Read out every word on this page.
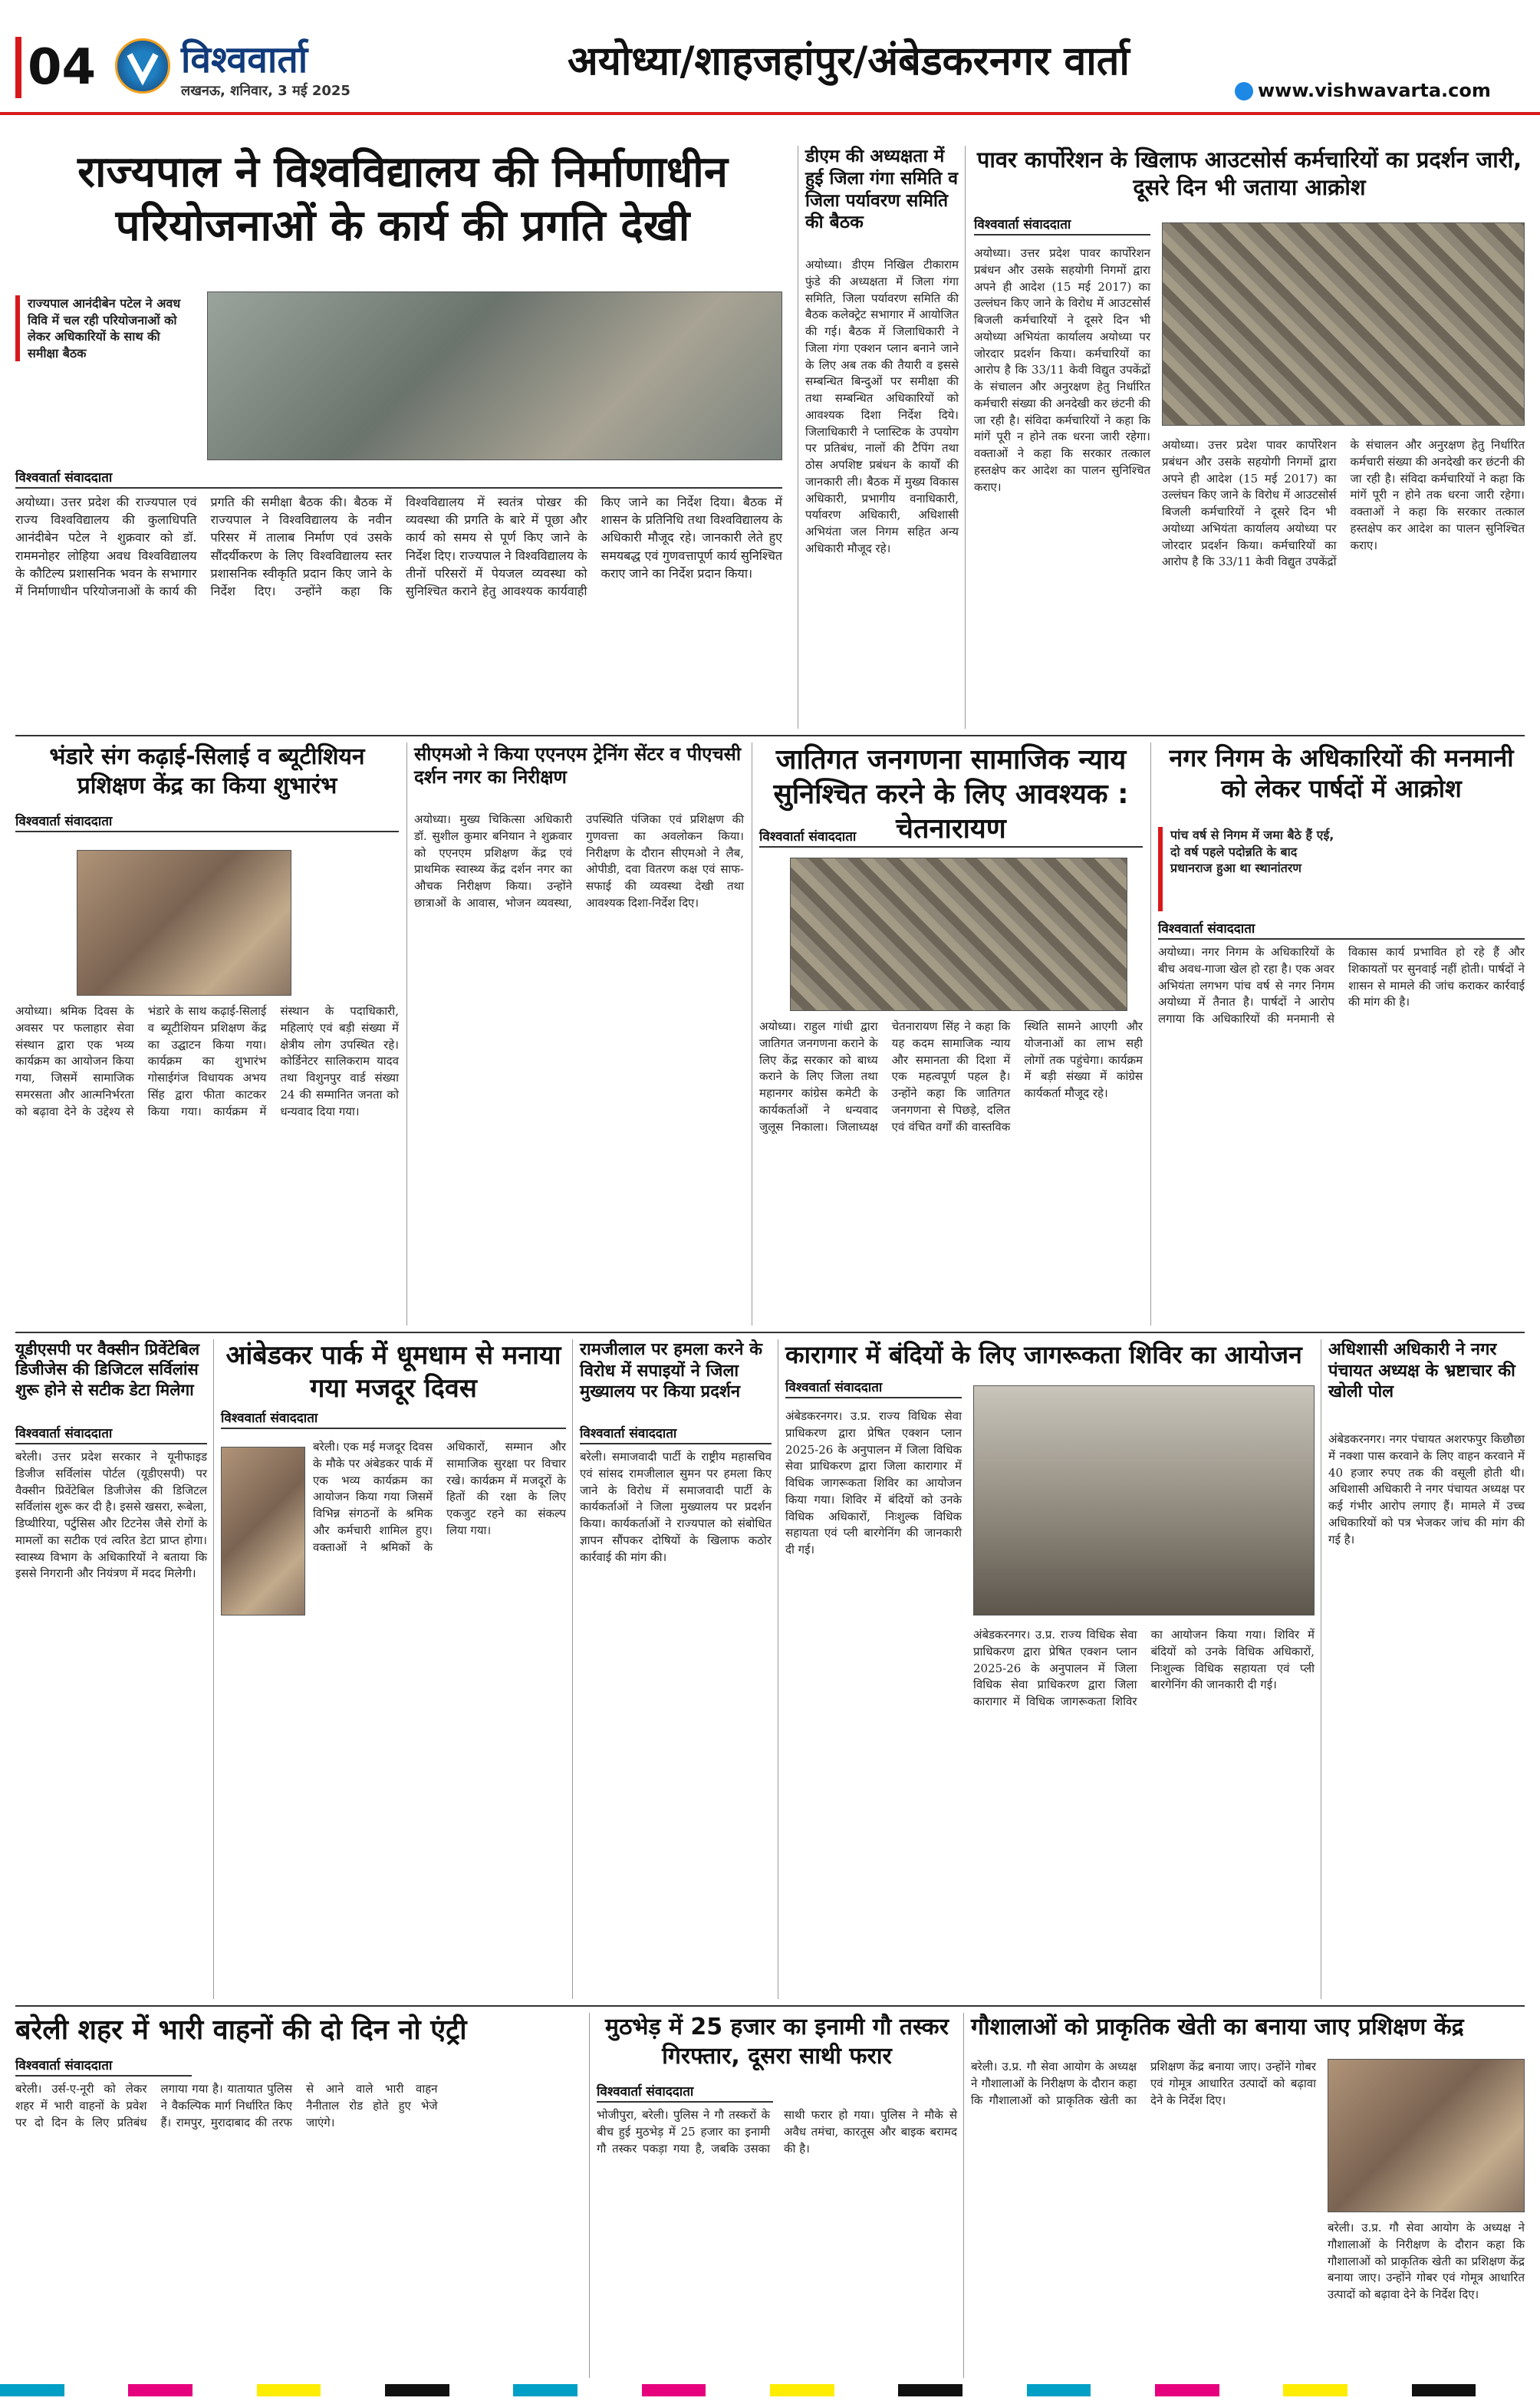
04 विश्ववार्ता
लखनऊ, शनिवार, 3 मई 2025
अयोध्या/शाहजहांपुर/अंबेडकरनगर वार्ता
www.vishwavarta.com
राज्यपाल ने विश्वविद्यालय की निर्माणाधीन परियोजनाओं के कार्य की प्रगति देखी
राज्यपाल आनंदीबेन पटेल ने अवध विवि में चल रही परियोजनाओं को लेकर अधिकारियों के साथ की समीक्षा बैठक
विश्ववार्ता संवाददाता
अयोध्या। उत्तर प्रदेश की राज्यपाल एवं राज्य विश्वविद्यालय की कुलाधिपति आनंदीबेन पटेल ने शुक्रवार को डॉ. राममनोहर लोहिया अवध विश्वविद्यालय के कौटिल्य प्रशासनिक भवन के सभागार में निर्माणाधीन परियोजनाओं के कार्य की प्रगति की समीक्षा बैठक की। बैठक में राज्यपाल ने विश्वविद्यालय के नवीन परिसर में तालाब निर्माण एवं उसके सौंदर्यीकरण के लिए विश्वविद्यालय स्तर प्रशासनिक स्वीकृति प्रदान किए जाने के निर्देश दिए। उन्होंने कहा कि विश्वविद्यालय में स्वतंत्र पोखर की व्यवस्था की प्रगति के बारे में पूछा और कार्य को समय से पूर्ण किए जाने के निर्देश दिए। राज्यपाल ने विश्वविद्यालय के तीनों परिसरों में पेयजल व्यवस्था को सुनिश्चित कराने हेतु आवश्यक कार्यवाही किए जाने का निर्देश दिया। बैठक में शासन के प्रतिनिधि तथा विश्वविद्यालय के अधिकारी मौजूद रहे। जानकारी लेते हुए समयबद्ध एवं गुणवत्तापूर्ण कार्य सुनिश्चित कराए जाने का निर्देश प्रदान किया।
डीएम की अध्यक्षता में हुई जिला गंगा समिति व जिला पर्यावरण समिति की बैठक
अयोध्या। डीएम निखिल टीकाराम फुंडे की अध्यक्षता में जिला गंगा समिति, जिला पर्यावरण समिति की बैठक कलेक्ट्रेट सभागार में आयोजित की गई। बैठक में जिलाधिकारी ने जिला गंगा एक्शन प्लान बनाने जाने के लिए अब तक की तैयारी व इससे सम्बन्धित बिन्दुओं पर समीक्षा की तथा सम्बन्धित अधिकारियों को आवश्यक दिशा निर्देश दिये। जिलाधिकारी ने प्लास्टिक के उपयोग पर प्रतिबंध, नालों की टैपिंग तथा ठोस अपशिष्ट प्रबंधन के कार्यों की जानकारी ली। बैठक में मुख्य विकास अधिकारी, प्रभागीय वनाधिकारी, पर्यावरण अधिकारी, अधिशासी अभियंता जल निगम सहित अन्य अधिकारी मौजूद रहे।
पावर कार्पोरेशन के खिलाफ आउटसोर्स कर्मचारियों का प्रदर्शन जारी, दूसरे दिन भी जताया आक्रोश
विश्ववार्ता संवाददाता
अयोध्या। उत्तर प्रदेश पावर कार्पोरेशन प्रबंधन और उसके सहयोगी निगमों द्वारा अपने ही आदेश (15 मई 2017) का उल्लंघन किए जाने के विरोध में आउटसोर्स बिजली कर्मचारियों ने दूसरे दिन भी अयोध्या अभियंता कार्यालय अयोध्या पर जोरदार प्रदर्शन किया। कर्मचारियों का आरोप है कि 33/11 केवी विद्युत उपकेंद्रों के संचालन और अनुरक्षण हेतु निर्धारित कर्मचारी संख्या की अनदेखी कर छंटनी की जा रही है। संविदा कर्मचारियों ने कहा कि मांगें पूरी न होने तक धरना जारी रहेगा। वक्ताओं ने कहा कि सरकार तत्काल हस्तक्षेप कर आदेश का पालन सुनिश्चित कराए।
अयोध्या। उत्तर प्रदेश पावर कार्पोरेशन प्रबंधन और उसके सहयोगी निगमों द्वारा अपने ही आदेश (15 मई 2017) का उल्लंघन किए जाने के विरोध में आउटसोर्स बिजली कर्मचारियों ने दूसरे दिन भी अयोध्या अभियंता कार्यालय अयोध्या पर जोरदार प्रदर्शन किया। कर्मचारियों का आरोप है कि 33/11 केवी विद्युत उपकेंद्रों के संचालन और अनुरक्षण हेतु निर्धारित कर्मचारी संख्या की अनदेखी कर छंटनी की जा रही है। संविदा कर्मचारियों ने कहा कि मांगें पूरी न होने तक धरना जारी रहेगा। वक्ताओं ने कहा कि सरकार तत्काल हस्तक्षेप कर आदेश का पालन सुनिश्चित कराए।
भंडारे संग कढ़ाई-सिलाई व ब्यूटीशियन प्रशिक्षण केंद्र का किया शुभारंभ
विश्ववार्ता संवाददाता
अयोध्या। श्रमिक दिवस के अवसर पर फलाहार सेवा संस्थान द्वारा एक भव्य कार्यक्रम का आयोजन किया गया, जिसमें सामाजिक समरसता और आत्मनिर्भरता को बढ़ावा देने के उद्देश्य से भंडारे के साथ कढ़ाई-सिलाई व ब्यूटीशियन प्रशिक्षण केंद्र का उद्घाटन किया गया। कार्यक्रम का शुभारंभ गोसाईगंज विधायक अभय सिंह द्वारा फीता काटकर किया गया। कार्यक्रम में संस्थान के पदाधिकारी, महिलाएं एवं बड़ी संख्या में क्षेत्रीय लोग उपस्थित रहे। कोर्डिनेटर सालिकराम यादव तथा विशुनपुर वार्ड संख्या 24 की सम्मानित जनता को धन्यवाद दिया गया।
सीएमओ ने किया एएनएम ट्रेनिंग सेंटर व पीएचसी दर्शन नगर का निरीक्षण
अयोध्या। मुख्य चिकित्सा अधिकारी डॉ. सुशील कुमार बनियान ने शुक्रवार को एएनएम प्रशिक्षण केंद्र एवं प्राथमिक स्वास्थ्य केंद्र दर्शन नगर का औचक निरीक्षण किया। उन्होंने छात्राओं के आवास, भोजन व्यवस्था, उपस्थिति पंजिका एवं प्रशिक्षण की गुणवत्ता का अवलोकन किया। निरीक्षण के दौरान सीएमओ ने लैब, ओपीडी, दवा वितरण कक्ष एवं साफ-सफाई की व्यवस्था देखी तथा आवश्यक दिशा-निर्देश दिए।
जातिगत जनगणना सामाजिक न्याय सुनिश्चित करने के लिए आवश्यक : चेतनारायण
विश्ववार्ता संवाददाता
अयोध्या। राहुल गांधी द्वारा जातिगत जनगणना कराने के लिए केंद्र सरकार को बाध्य कराने के लिए जिला तथा महानगर कांग्रेस कमेटी के कार्यकर्ताओं ने धन्यवाद जुलूस निकाला। जिलाध्यक्ष चेतनारायण सिंह ने कहा कि यह कदम सामाजिक न्याय और समानता की दिशा में एक महत्वपूर्ण पहल है। उन्होंने कहा कि जातिगत जनगणना से पिछड़े, दलित एवं वंचित वर्गों की वास्तविक स्थिति सामने आएगी और योजनाओं का लाभ सही लोगों तक पहुंचेगा। कार्यक्रम में बड़ी संख्या में कांग्रेस कार्यकर्ता मौजूद रहे।
नगर निगम के अधिकारियों की मनमानी को लेकर पार्षदों में आक्रोश
पांच वर्ष से निगम में जमा बैठे हैं एई, दो वर्ष पहले पदोन्नति के बाद प्रधानराज हुआ था स्थानांतरण
विश्ववार्ता संवाददाता
अयोध्या। नगर निगम के अधिकारियों के बीच अवध-गाजा खेल हो रहा है। एक अवर अभियंता लगभग पांच वर्ष से नगर निगम अयोध्या में तैनात है। पार्षदों ने आरोप लगाया कि अधिकारियों की मनमानी से विकास कार्य प्रभावित हो रहे हैं और शिकायतों पर सुनवाई नहीं होती। पार्षदों ने शासन से मामले की जांच कराकर कार्रवाई की मांग की है।
यूडीएसपी पर वैक्सीन प्रिवेंटेबिल डिजीजेस की डिजिटल सर्विलांस शुरू होने से सटीक डेटा मिलेगा
विश्ववार्ता संवाददाता
बरेली। उत्तर प्रदेश सरकार ने यूनीफाइड डिजीज सर्विलांस पोर्टल (यूडीएसपी) पर वैक्सीन प्रिवेंटेबिल डिजीजेस की डिजिटल सर्विलांस शुरू कर दी है। इससे खसरा, रूबेला, डिप्थीरिया, पर्टुसिस और टिटनेस जैसे रोगों के मामलों का सटीक एवं त्वरित डेटा प्राप्त होगा। स्वास्थ्य विभाग के अधिकारियों ने बताया कि इससे निगरानी और नियंत्रण में मदद मिलेगी।
आंबेडकर पार्क में धूमधाम से मनाया गया मजदूर दिवस
विश्ववार्ता संवाददाता
बरेली। एक मई मजदूर दिवस के मौके पर अंबेडकर पार्क में एक भव्य कार्यक्रम का आयोजन किया गया जिसमें विभिन्न संगठनों के श्रमिक और कर्मचारी शामिल हुए। वक्ताओं ने श्रमिकों के अधिकारों, सम्मान और सामाजिक सुरक्षा पर विचार रखे। कार्यक्रम में मजदूरों के हितों की रक्षा के लिए एकजुट रहने का संकल्प लिया गया।
रामजीलाल पर हमला करने के विरोध में सपाइयों ने जिला मुख्यालय पर किया प्रदर्शन
विश्ववार्ता संवाददाता
बरेली। समाजवादी पार्टी के राष्ट्रीय महासचिव एवं सांसद रामजीलाल सुमन पर हमला किए जाने के विरोध में समाजवादी पार्टी के कार्यकर्ताओं ने जिला मुख्यालय पर प्रदर्शन किया। कार्यकर्ताओं ने राज्यपाल को संबोधित ज्ञापन सौंपकर दोषियों के खिलाफ कठोर कार्रवाई की मांग की।
कारागार में बंदियों के लिए जागरूकता शिविर का आयोजन
विश्ववार्ता संवाददाता
अंबेडकरनगर। उ.प्र. राज्य विधिक सेवा प्राधिकरण द्वारा प्रेषित एक्शन प्लान 2025-26 के अनुपालन में जिला विधिक सेवा प्राधिकरण द्वारा जिला कारागार में विधिक जागरूकता शिविर का आयोजन किया गया। शिविर में बंदियों को उनके विधिक अधिकारों, निःशुल्क विधिक सहायता एवं प्ली बारगेनिंग की जानकारी दी गई।
अंबेडकरनगर। उ.प्र. राज्य विधिक सेवा प्राधिकरण द्वारा प्रेषित एक्शन प्लान 2025-26 के अनुपालन में जिला विधिक सेवा प्राधिकरण द्वारा जिला कारागार में विधिक जागरूकता शिविर का आयोजन किया गया। शिविर में बंदियों को उनके विधिक अधिकारों, निःशुल्क विधिक सहायता एवं प्ली बारगेनिंग की जानकारी दी गई।
अधिशासी अधिकारी ने नगर पंचायत अध्यक्ष के भ्रष्टाचार की खोली पोल
अंबेडकरनगर। नगर पंचायत अशरफपुर किछौछा में नक्शा पास करवाने के लिए वाहन करवाने में 40 हजार रुपए तक की वसूली होती थी। अधिशासी अधिकारी ने नगर पंचायत अध्यक्ष पर कई गंभीर आरोप लगाए हैं। मामले में उच्च अधिकारियों को पत्र भेजकर जांच की मांग की गई है।
बरेली शहर में भारी वाहनों की दो दिन नो एंट्री
विश्ववार्ता संवाददाता
बरेली। उर्स-ए-नूरी को लेकर शहर में भारी वाहनों के प्रवेश पर दो दिन के लिए प्रतिबंध लगाया गया है। यातायात पुलिस ने वैकल्पिक मार्ग निर्धारित किए हैं। रामपुर, मुरादाबाद की तरफ से आने वाले भारी वाहन नैनीताल रोड होते हुए भेजे जाएंगे।
मुठभेड़ में 25 हजार का इनामी गौ तस्कर गिरफ्तार, दूसरा साथी फरार
विश्ववार्ता संवाददाता
भोजीपुरा, बरेली। पुलिस ने गौ तस्करों के बीच हुई मुठभेड़ में 25 हजार का इनामी गौ तस्कर पकड़ा गया है, जबकि उसका साथी फरार हो गया। पुलिस ने मौके से अवैध तमंचा, कारतूस और बाइक बरामद की है।
गौशालाओं को प्राकृतिक खेती का बनाया जाए प्रशिक्षण केंद्र
बरेली। उ.प्र. गौ सेवा आयोग के अध्यक्ष ने गौशालाओं के निरीक्षण के दौरान कहा कि गौशालाओं को प्राकृतिक खेती का प्रशिक्षण केंद्र बनाया जाए। उन्होंने गोबर एवं गोमूत्र आधारित उत्पादों को बढ़ावा देने के निर्देश दिए।
बरेली। उ.प्र. गौ सेवा आयोग के अध्यक्ष ने गौशालाओं के निरीक्षण के दौरान कहा कि गौशालाओं को प्राकृतिक खेती का प्रशिक्षण केंद्र बनाया जाए। उन्होंने गोबर एवं गोमूत्र आधारित उत्पादों को बढ़ावा देने के निर्देश दिए।
